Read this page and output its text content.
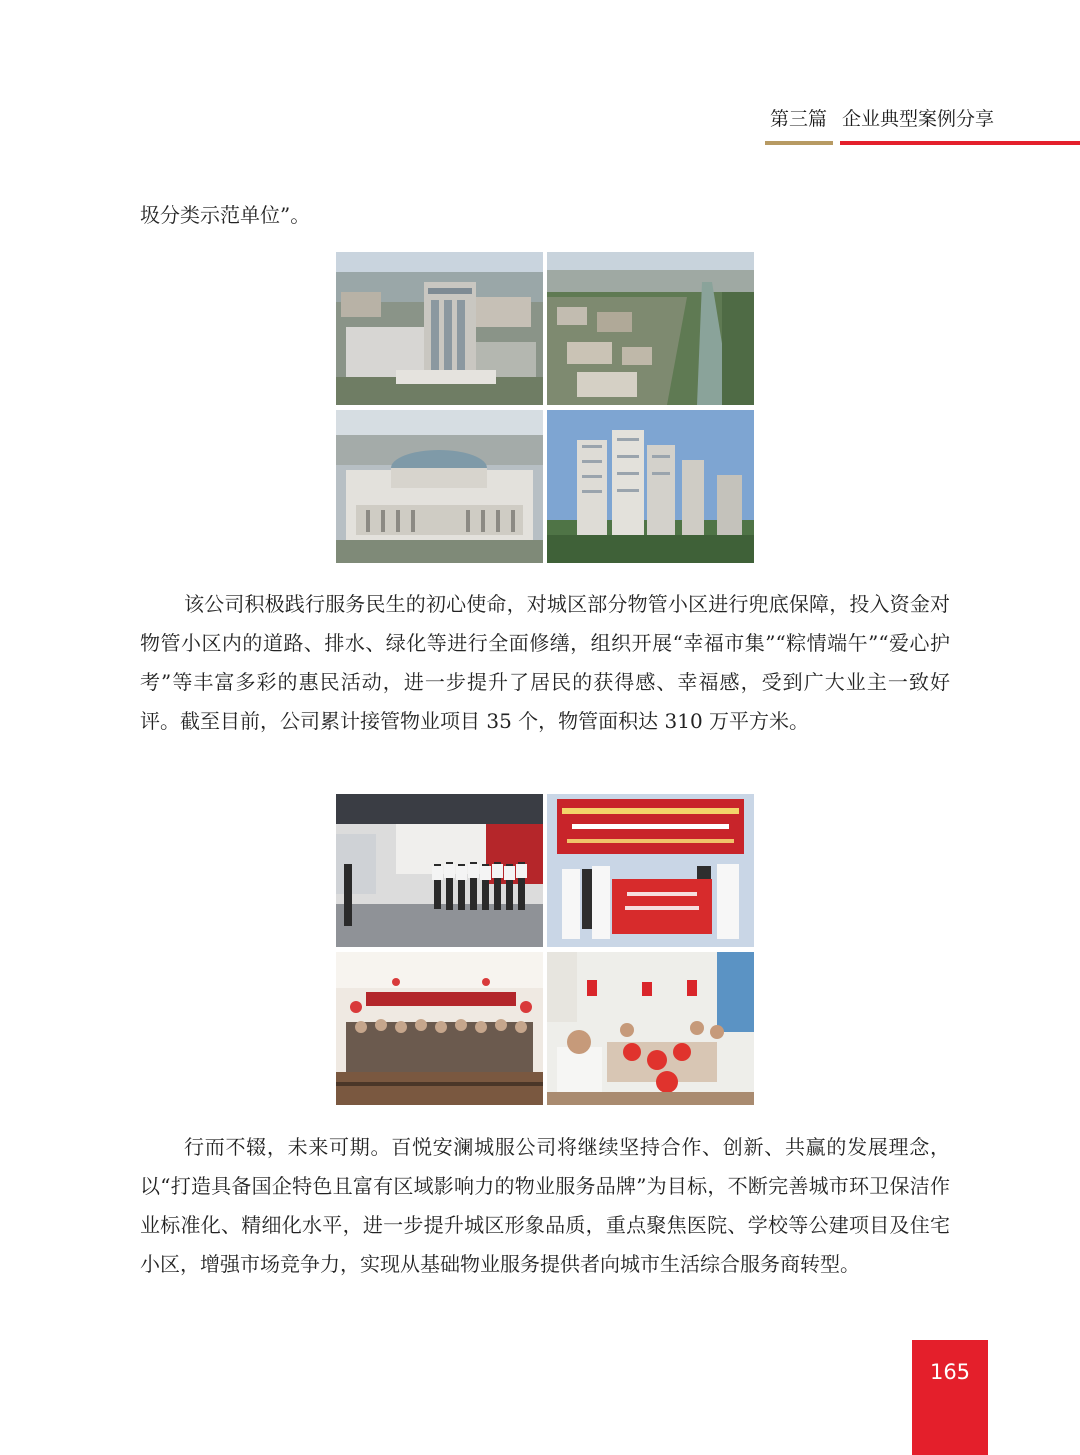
第三篇 企业典型案例分享

圾分类示范单位”。

该公司积极践行服务民生的初心使命，对城区部分物管小区进行兜底保障，投入资金对物管小区内的道路、排水、绿化等进行全面修缮，组织开展“幸福市集”“粽情端午”“爱心护考”等丰富多彩的惠民活动，进一步提升了居民的获得感、幸福感，受到广大业主一致好评。截至目前，公司累计接管物业项目 35 个，物管面积达 310 万平方米。

行而不辍，未来可期。百悦安澜城服公司将继续坚持合作、创新、共赢的发展理念，以“打造具备国企特色且富有区域影响力的物业服务品牌”为目标，不断完善城市环卫保洁作业标准化、精细化水平，进一步提升城区形象品质，重点聚焦医院、学校等公建项目及住宅小区，增强市场竞争力，实现从基础物业服务提供者向城市生活综合服务商转型。

165
